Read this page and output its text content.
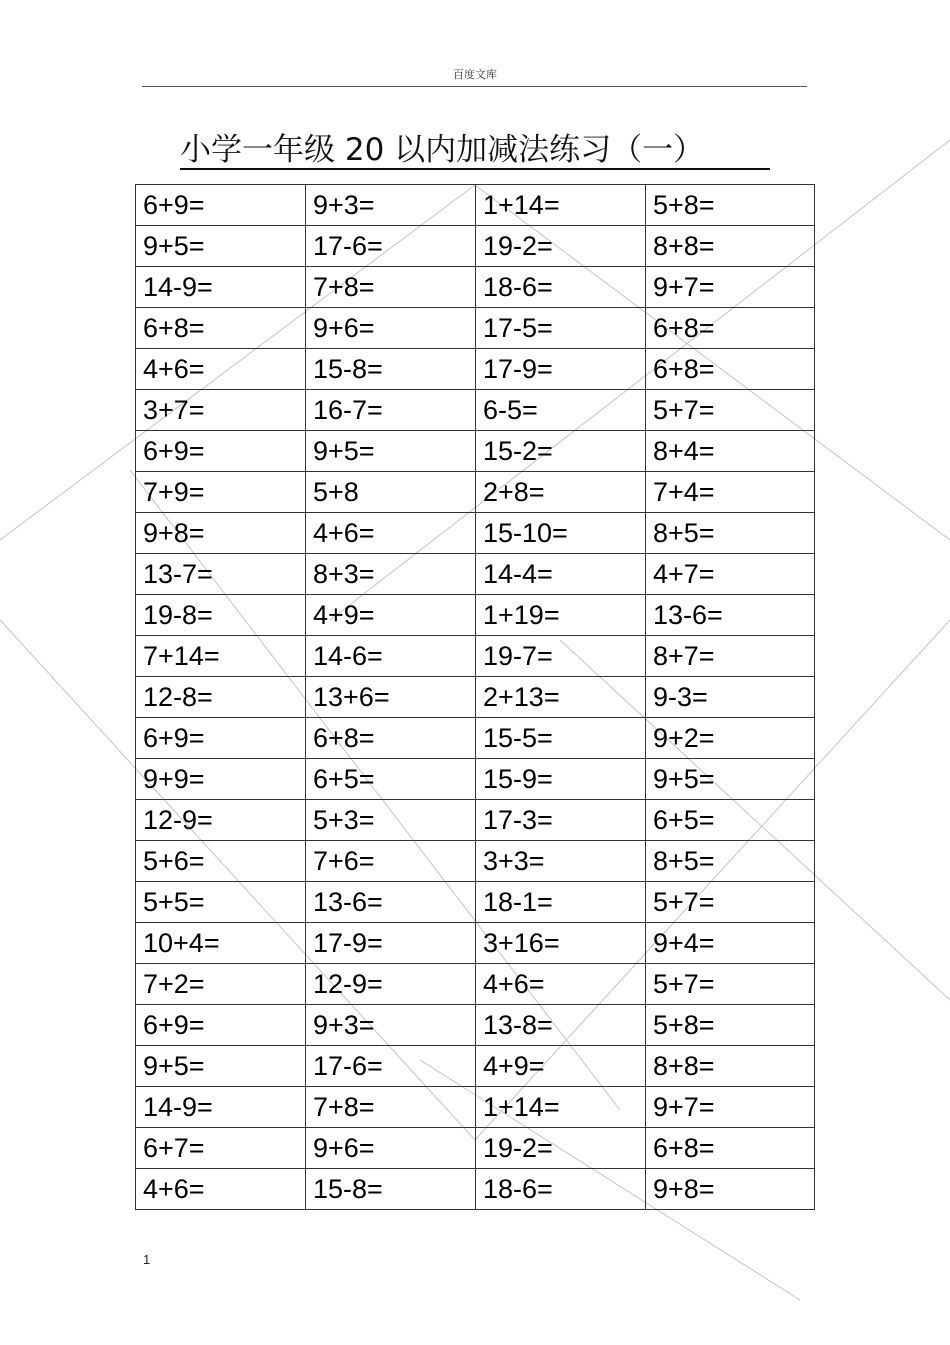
百度文库
小学一年级 20 以内加减法练习（一）
6+9=	9+3=	1+14=	5+8=
9+5=	17-6=	19-2=	8+8=
14-9=	7+8=	18-6=	9+7=
6+8=	9+6=	17-5=	6+8=
4+6=	15-8=	17-9=	6+8=
3+7=	16-7=	6-5=	5+7=
6+9=	9+5=	15-2=	8+4=
7+9=	5+8	2+8=	7+4=
9+8=	4+6=	15-10=	8+5=
13-7=	8+3=	14-4=	4+7=
19-8=	4+9=	1+19=	13-6=
7+14=	14-6=	19-7=	8+7=
12-8=	13+6=	2+13=	9-3=
6+9=	6+8=	15-5=	9+2=
9+9=	6+5=	15-9=	9+5=
12-9=	5+3=	17-3=	6+5=
5+6=	7+6=	3+3=	8+5=
5+5=	13-6=	18-1=	5+7=
10+4=	17-9=	3+16=	9+4=
7+2=	12-9=	4+6=	5+7=
6+9=	9+3=	13-8=	5+8=
9+5=	17-6=	4+9=	8+8=
14-9=	7+8=	1+14=	9+7=
6+7=	9+6=	19-2=	6+8=
4+6=	15-8=	18-6=	9+8=
1
